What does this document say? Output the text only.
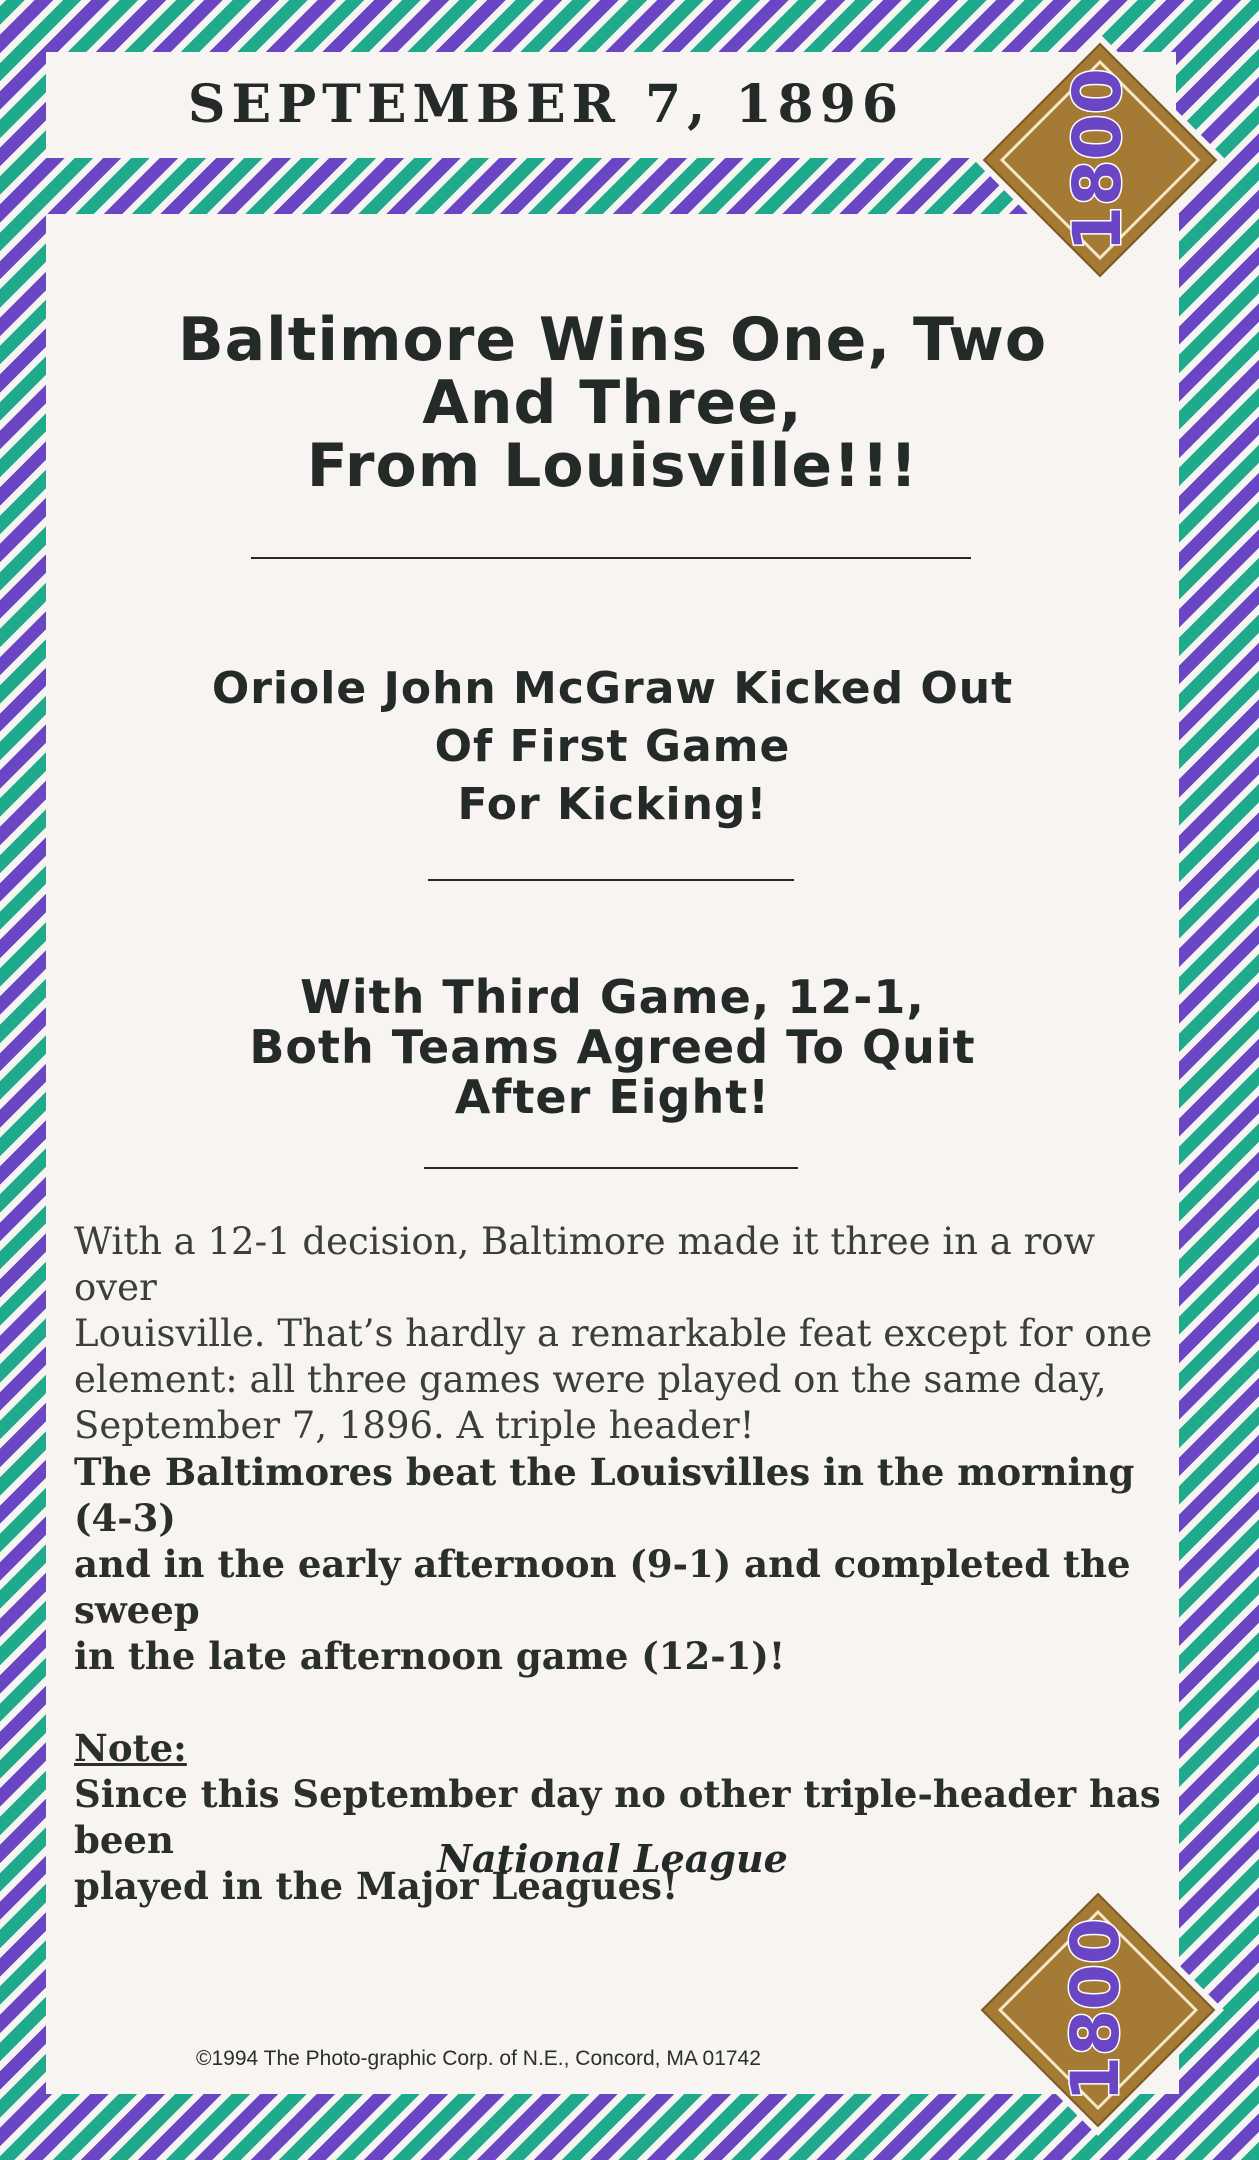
SEPTEMBER 7, 1896
Baltimore Wins One, Two
And Three,
From Louisville!!!
Oriole John McGraw Kicked Out
Of First Game
For Kicking!
With Third Game, 12-1,
Both Teams Agreed To Quit
After Eight!

With a 12-1 decision, Baltimore made it three in a row over
Louisville. That’s hardly a remarkable feat except for one
element: all three games were played on the same day,
September 7, 1896. A triple header!

The Baltimores beat the Louisvilles in the morning (4-3)
and in the early afternoon (9-1) and completed the sweep
in the late afternoon game (12-1)!

Note:

Since this September day no other triple-header has been
played in the Major Leagues!

National League
©1994 The Photo-graphic Corp. of N.E., Concord, MA 01742
1800
1800
